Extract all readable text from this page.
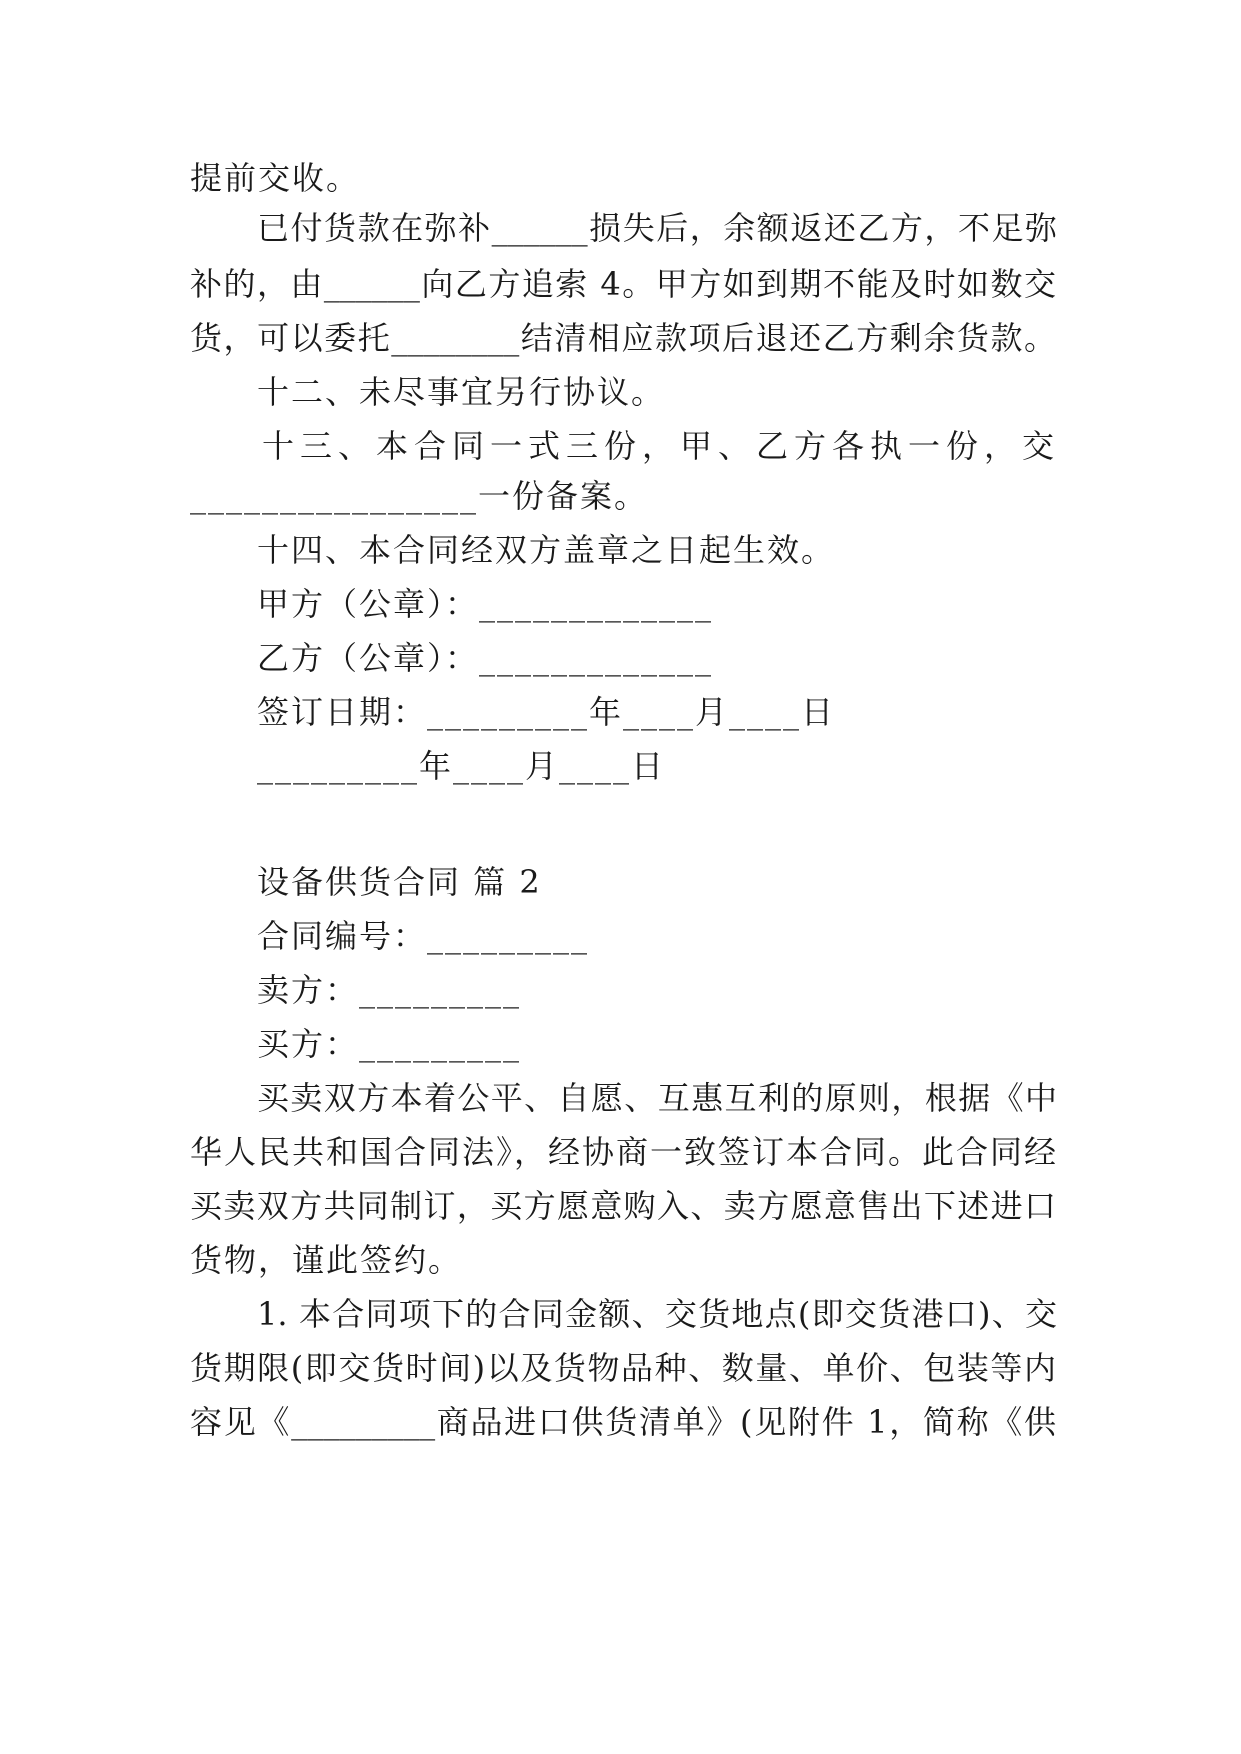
提前交收。
已付货款在弥补______损失后，余额返还乙方，不足弥
补的，由______向乙方追索 4。甲方如到期不能及时如数交
货，可以委托________结清相应款项后退还乙方剩余货款。
十二、未尽事宜另行协议。
十三、本合同一式三份，甲、乙方各执一份，交
________________一份备案。
十四、本合同经双方盖章之日起生效。
甲方（公章）：_____________
乙方（公章）：_____________
签订日期：_________年____月____日
_________年____月____日
设备供货合同 篇 2
合同编号：_________
卖方：_________
买方：_________
买卖双方本着公平、自愿、互惠互利的原则，根据《中
华人民共和国合同法》，经协商一致签订本合同。此合同经
买卖双方共同制订，买方愿意购入、卖方愿意售出下述进口
货物，谨此签约。
1. 本合同项下的合同金额、交货地点(即交货港口)、交
货期限(即交货时间)以及货物品种、数量、单价、包装等内
容见《_________商品进口供货清单》(见附件 1，简称《供
